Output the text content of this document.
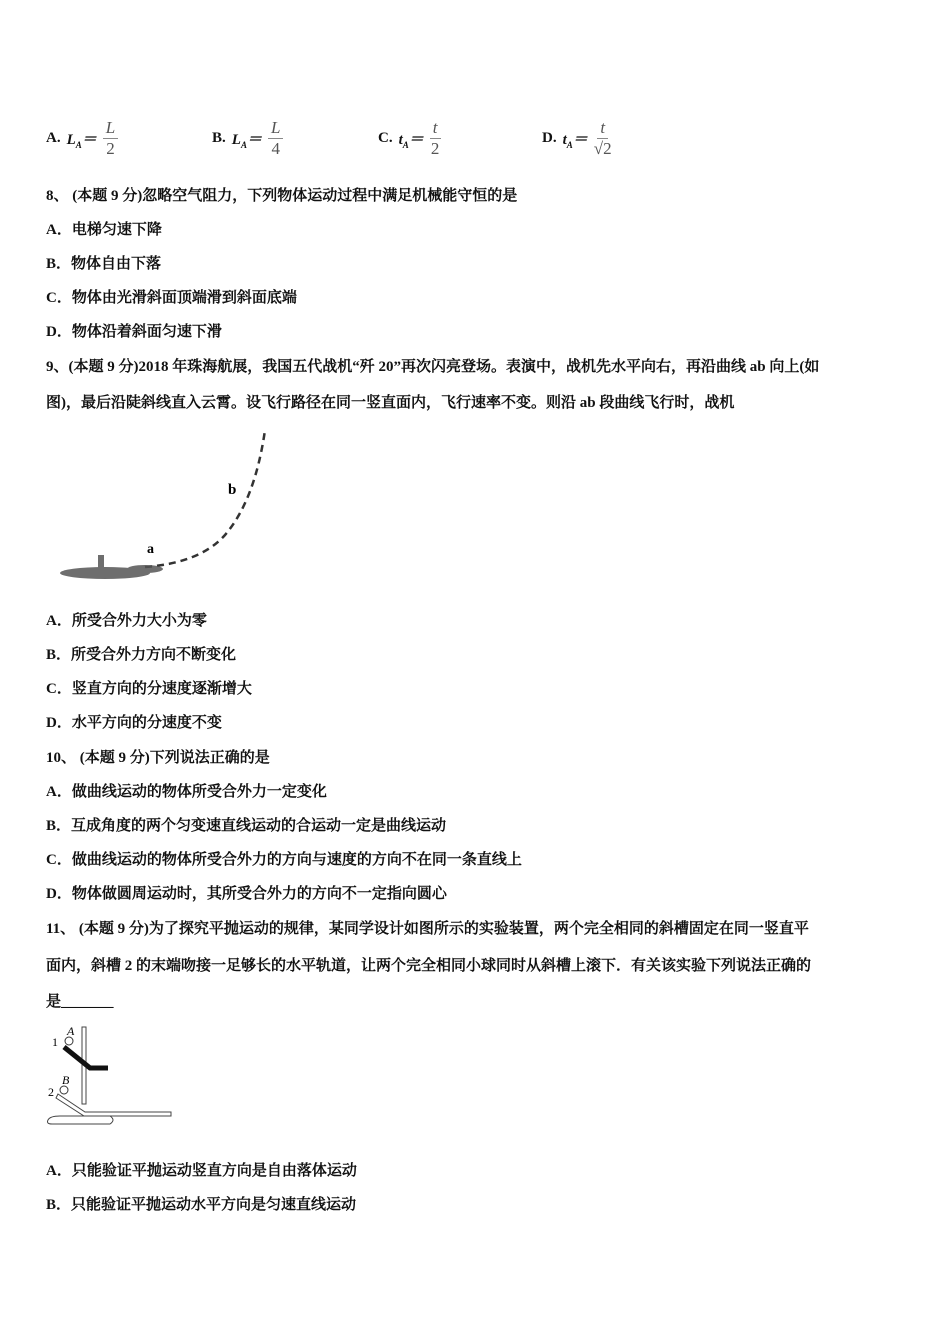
A. $L_A= \frac{L}{2}$	B. $L_A= \frac{L}{4}$	C. $t_A= \frac{t}{2}$	D. $t_A= \frac{t}{√2}$
8、 (本题 9 分)忽略空气阻力，下列物体运动过程中满足机械能守恒的是
A．电梯匀速下降
B．物体自由下落
C．物体由光滑斜面顶端滑到斜面底端
D．物体沿着斜面匀速下滑
9、(本题 9 分)2018 年珠海航展，我国五代战机“歼 20”再次闪亮登场。表演中，战机先水平向右，再沿曲线 ab 向上(如
图)，最后沿陡斜线直入云霄。设飞行路径在同一竖直面内，飞行速率不变。则沿 ab 段曲线飞行时，战机
a
b
A．所受合外力大小为零
B．所受合外力方向不断变化
C．竖直方向的分速度逐渐增大
D．水平方向的分速度不变
10、 (本题 9 分)下列说法正确的是
A．做曲线运动的物体所受合外力一定变化
B．互成角度的两个匀变速直线运动的合运动一定是曲线运动
C．做曲线运动的物体所受合外力的方向与速度的方向不在同一条直线上
D．物体做圆周运动时，其所受合外力的方向不一定指向圆心
11、 (本题 9 分)为了探究平抛运动的规律，某同学设计如图所示的实验装置，两个完全相同的斜槽固定在同一竖直平
面内，斜槽 2 的末端吻接一足够长的水平轨道，让两个完全相同小球同时从斜槽上滚下．有关该实验下列说法正确的
是_______
1
A
2
B
A．只能验证平抛运动竖直方向是自由落体运动
B．只能验证平抛运动水平方向是匀速直线运动
